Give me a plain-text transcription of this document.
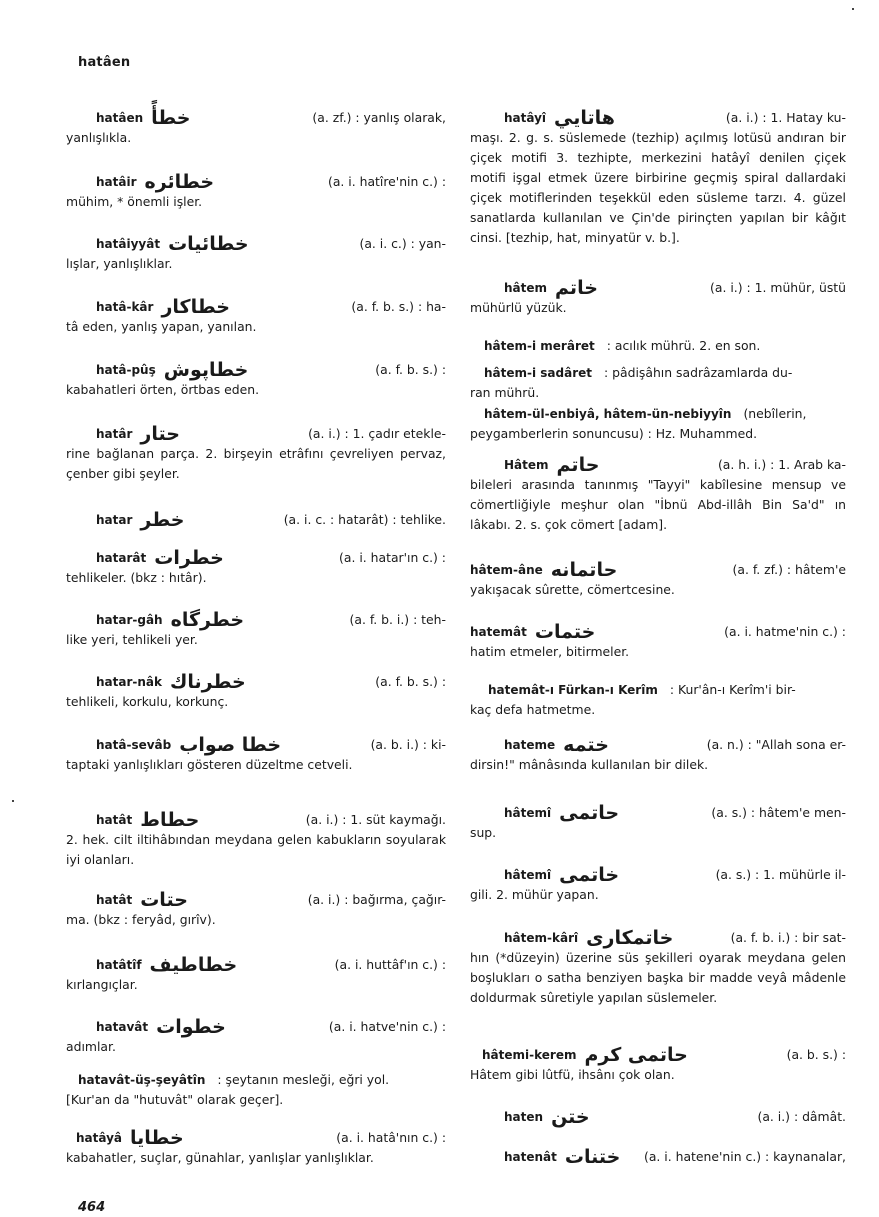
hatâen
hatâen خطأً	(a. zf.) : yanlış olarak,
yanlışlıkla.
hatâir خطائره	(a. i. hatîre'nin c.) :
mühim, * önemli işler.
hatâiyyât خطائيات	(a. i. c.) : yan-
lışlar, yanlışlıklar.
hatâ-kâr خطاكار	(a. f. b. s.) : ha-
tâ eden, yanlış yapan, yanılan.
hatâ-pûş خطاپوش	(a. f. b. s.) :
kabahatleri örten, örtbas eden.
hatâr حتار	(a. i.) : 1. çadır etekle-
rine bağlanan parça. 2. birşeyin etrâfını çevreliyen pervaz, çenber gibi şeyler.
hatar خطر	(a. i. c. : hatarât) : tehlike.
hatarât خطرات	(a. i. hatar'ın c.) :
tehlikeler. (bkz : hıtâr).
hatar-gâh خطرگاه	(a. f. b. i.) : teh-
like yeri, tehlikeli yer.
hatar-nâk خطرناك	(a. f. b. s.) :
tehlikeli, korkulu, korkunç.
hatâ-sevâb خطا صواب	(a. b. i.) : ki-
taptaki yanlışlıkları gösteren düzeltme cetveli.
hatât حطاط	(a. i.) : 1. süt kaymağı.
2. hek. cilt iltihâbından meydana gelen kabukların soyularak iyi olanları.
hatât حتات	(a. i.) : bağırma, çağır-
ma. (bkz : feryâd, gırîv).
hatâtîf خطاطيف	(a. i. huttâf'ın c.) :
kırlangıçlar.
hatavât خطوات	(a. i. hatve'nin c.) :
adımlar.
hatavât-üş-şeyâtîn : şeytanın mesleği, eğri yol.
[Kur'an da "hutuvât" olarak geçer].
hatâyâ خطايا	(a. i. hatâ'nın c.) :
kabahatler, suçlar, günahlar, yanlışlar yanlışlıklar.
hatâyî هاتايي	(a. i.) : 1. Hatay ku-
maşı. 2. g. s. süslemede (tezhip) açılmış lotüsü andıran bir çiçek motifi 3. tezhipte, merkezini hatâyî denilen çiçek motifi işgal etmek üzere birbirine geçmiş spiral dallardaki çiçek motiflerinden teşekkül eden süsleme tarzı. 4. güzel sanatlarda kullanılan ve Çin'de pirinçten yapılan bir kâğıt cinsi. [tezhip, hat, minyatür v. b.].
hâtem خاتم	(a. i.) : 1. mühür, üstü
mühürlü yüzük.
hâtem-i merâret : acılık mührü. 2. en son.
hâtem-i sadâret : pâdişâhın sadrâzamlarda du-
ran mührü.
hâtem-ül-enbiyâ, hâtem-ün-nebiyyîn (nebîlerin,
peygamberlerin sonuncusu) : Hz. Muhammed.
Hâtem حاتم	(a. h. i.) : 1. Arab ka-
bileleri arasında tanınmış "Tayyi" kabîlesine mensup ve cömertliğiyle meşhur olan "İbnü Abd-illâh Bin Sa'd" ın lâkabı. 2. s. çok cömert [adam].
hâtem-âne حاتمانه	(a. f. zf.) : hâtem'e
yakışacak sûrette, cömertcesine.
hatemât ختمات	(a. i. hatme'nin c.) :
hatim etmeler, bitirmeler.
hatemât-ı Fürkan-ı Kerîm : Kur'ân-ı Kerîm'i bir-
kaç defa hatmetme.
hateme ختمه	(a. n.) : "Allah sona er-
dirsin!" mânâsında kullanılan bir dilek.
hâtemî حاتمى	(a. s.) : hâtem'e men-
sup.
hâtemî خاتمى	(a. s.) : 1. mühürle il-
gili. 2. mühür yapan.
hâtem-kârî خاتمكارى	(a. f. b. i.) : bir sat-
hın (*düzeyin) üzerine süs şekilleri oyarak meydana gelen boşlukları o satha benziyen başka bir madde veyâ mâdenle doldurmak sûretiyle yapılan süslemeler.
hâtemi-kerem حاتمی کرم	(a. b. s.) :
Hâtem gibi lûtfü, ihsânı çok olan.
haten ختن	(a. i.) : dâmât.
hatenât ختنات	(a. i. hatene'nin c.) : kaynanalar,
464
